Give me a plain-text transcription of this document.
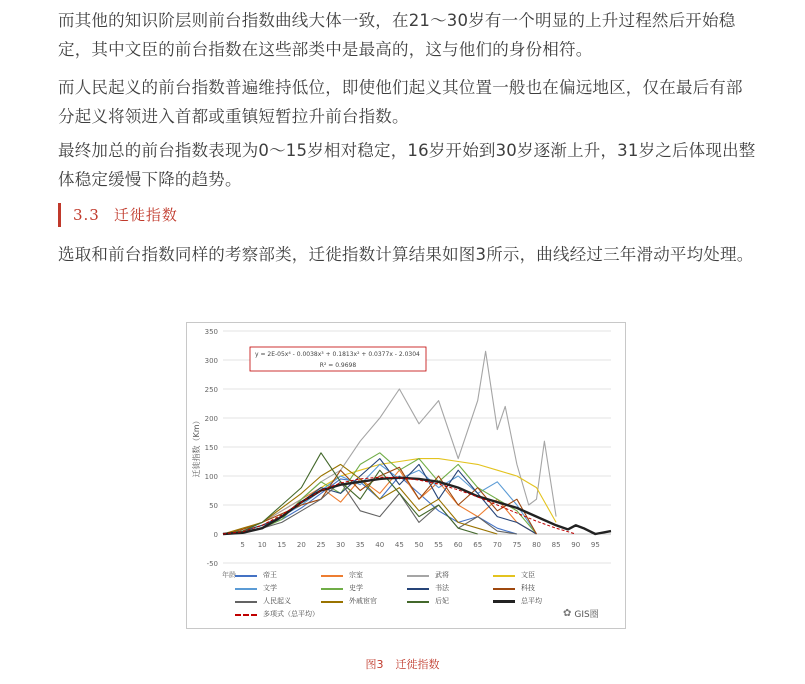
而其他的知识阶层则前台指数曲线大体一致，在21～30岁有一个明显的上升过程然后开始稳定，其中文臣的前台指数在这些部类中是最高的，这与他们的身份相符。

而人民起义的前台指数普遍维持低位，即使他们起义其位置一般也在偏远地区，仅在最后有部分起义将领进入首都或重镇短暂拉升前台指数。

最终加总的前台指数表现为0～15岁相对稳定，16岁开始到30岁逐渐上升，31岁之后体现出整体稳定缓慢下降的趋势。

3.3 迁徙指数

选取和前台指数同样的考察部类，迁徙指数计算结果如图3所示，曲线经过三年滑动平均处理。

350
300
250
200
150
100
50
0
-50
年龄
5 10 15 20 25 30 35 40 45 50 55 60 65 70 75 80 85 90 95
迁徙指数（Km）
y = 2E-05x⁴ - 0.0038x³ + 0.1813x² + 0.0377x - 2.0304
R² = 0.9698
帝王	宗室	武将	文臣
文学	史学	书法	科技
人民起义	外戚宦官	后妃	总平均
多项式（总平均）	✿ GIS圈
图3 迁徙指数
